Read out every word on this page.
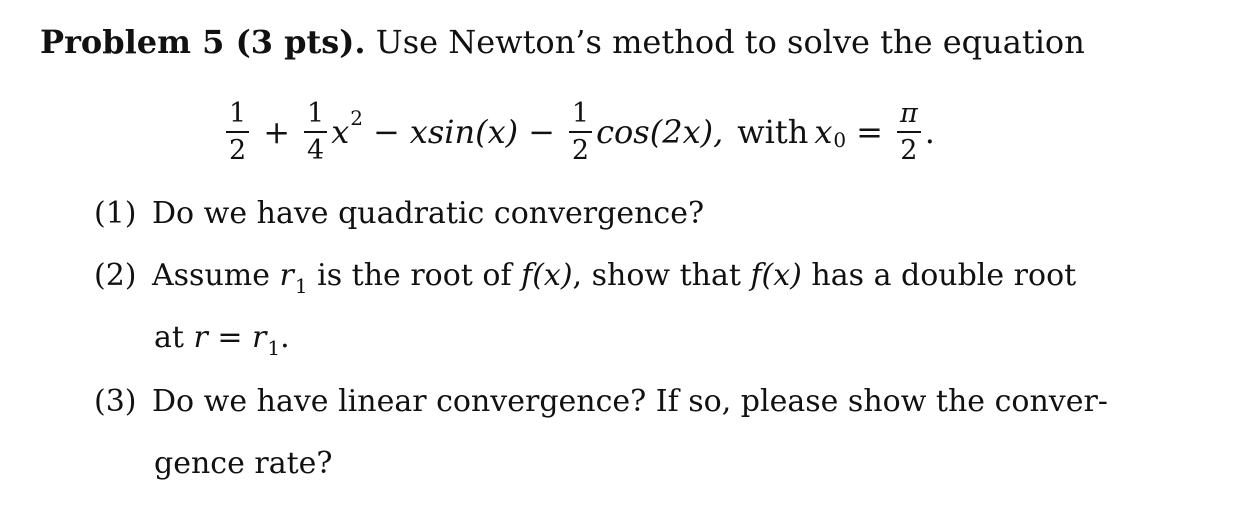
Problem 5 (3 pts). Use Newton’s method to solve the equation
$\frac{1}{2} + \frac{1}{4}$ x 2 − xsin $(x) - \frac{1}{2}$ cos (2x), with x $0 = \frac{\pi}{2}$ .
(1) Do we have quadratic convergence?
(2) Assume $r_1$ is the root of f(x), show that f(x) has a double root
at $r = r_1$.
(3) Do we have linear convergence? If so, please show the conver-
gence rate?
